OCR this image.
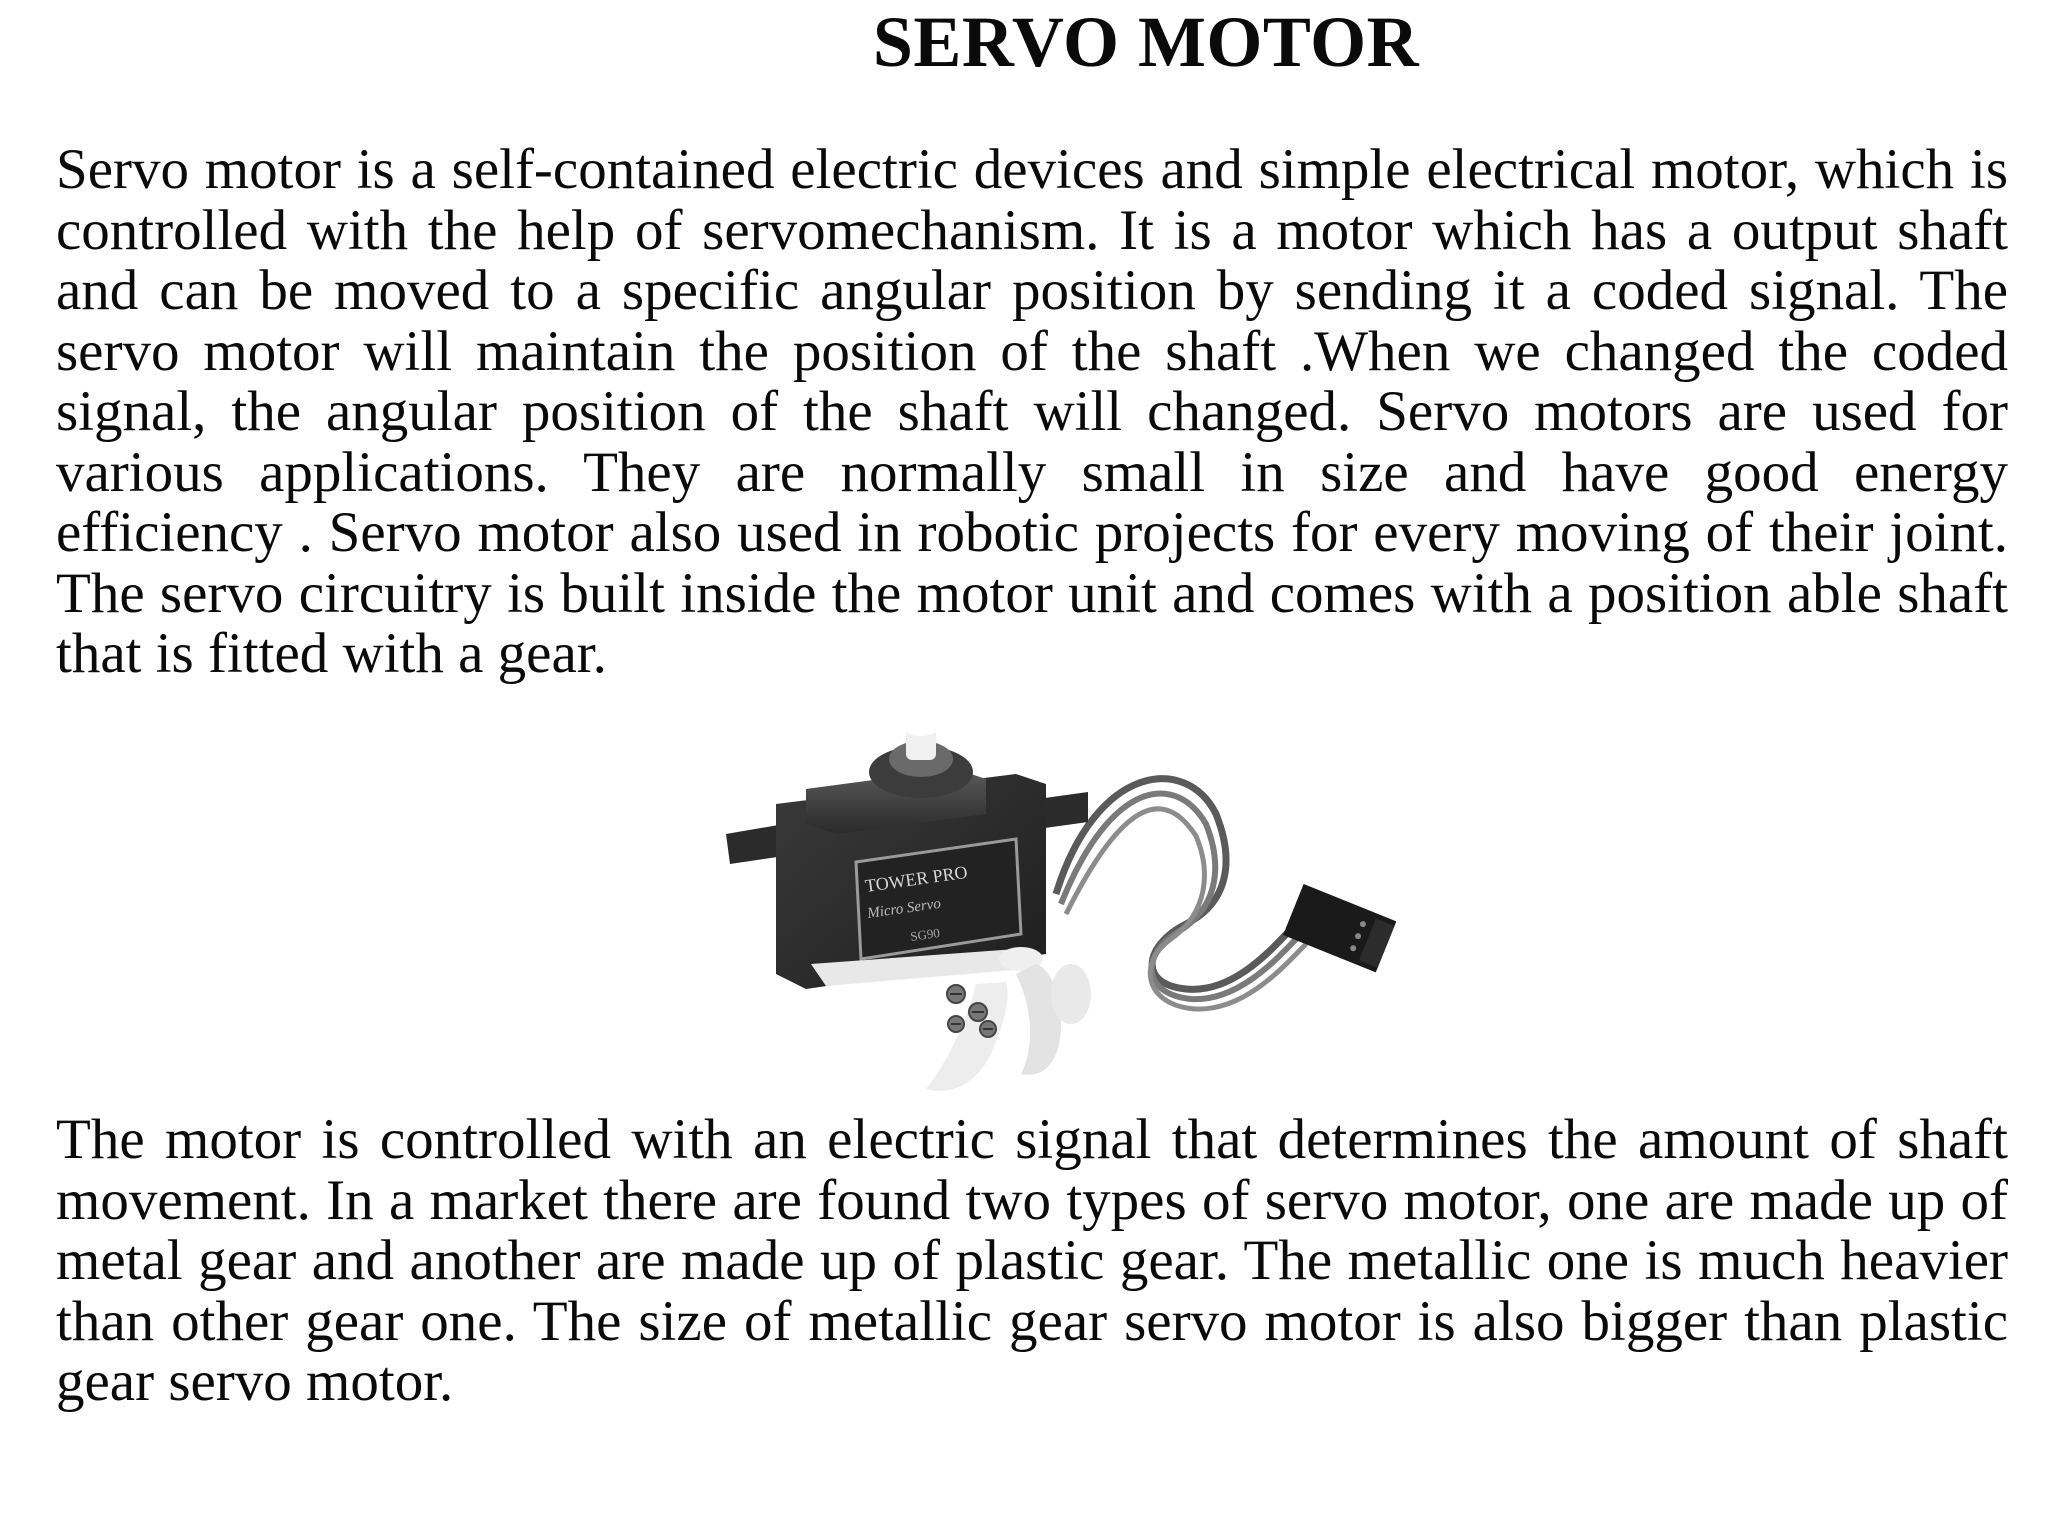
SERVO MOTOR

Servo motor is a self-contained electric devices and simple electrical motor, which is controlled with the help of servomechanism. It is a motor which has a output shaft and can be moved to a specific angular position by sending it a coded signal. The servo motor will maintain the position of the shaft .When we changed the coded signal, the angular position of the shaft will changed. Servo motors are used for various applications. They are normally small in size and have good energy efficiency . Servo motor also used in robotic projects for every moving of their joint. The servo circuitry is built inside the motor unit and comes with a position able shaft that is fitted with a gear.

TOWER PRO
Micro Servo
SG90

The motor is controlled with an electric signal that determines the amount of shaft movement. In a market there are found two types of servo motor, one are made up of metal gear and another are made up of plastic gear. The metallic one is much heavier than other gear one. The size of metallic gear servo motor is also bigger than plastic gear servo motor.
